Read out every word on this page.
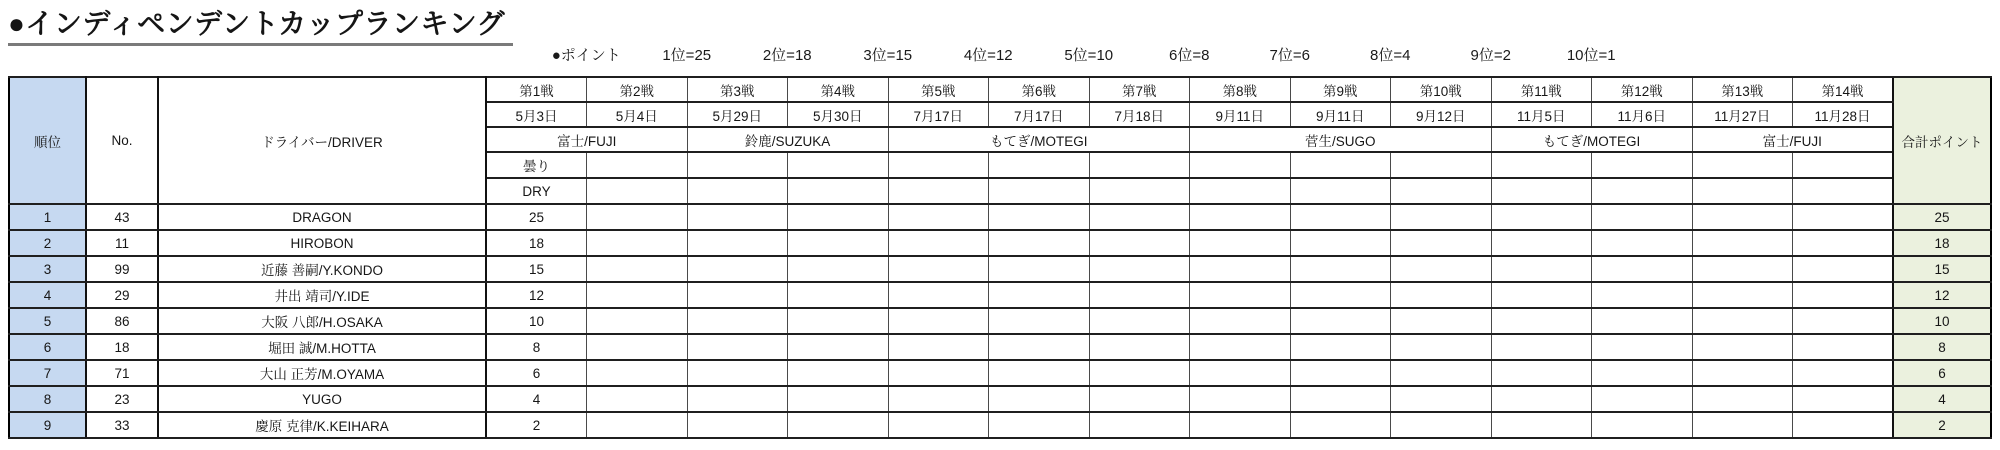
●インディペンデントカップランキング
●ポイント	1位=25	2位=18	3位=15	4位=12	5位=10	6位=8	7位=6	8位=4	9位=2	10位=1
順位	No.	ドライバー/DRIVER	第1戦	第2戦	第3戦	第4戦	第5戦	第6戦	第7戦	第8戦	第9戦	第10戦	第11戦	第12戦	第13戦	第14戦	合計ポイント
			5月3日	5月4日	5月29日	5月30日	7月17日	7月17日	7月18日	9月11日	9月11日	9月12日	11月5日	11月6日	11月27日	11月28日	
			富士/FUJI		鈴鹿/SUZUKA		もてぎ/MOTEGI			菅生/SUGO			もてぎ/MOTEGI		富士/FUJI		
			曇り														
			DRY														
1	43	DRAGON	25														25
2	11	HIROBON	18														18
3	99	近藤 善嗣/Y.KONDO	15														15
4	29	井出 靖司/Y.IDE	12														12
5	86	大阪 八郎/H.OSAKA	10														10
6	18	堀田 誠/M.HOTTA	8														8
7	71	大山 正芳/M.OYAMA	6														6
8	23	YUGO	4														4
9	33	慶原 克律/K.KEIHARA	2														2
